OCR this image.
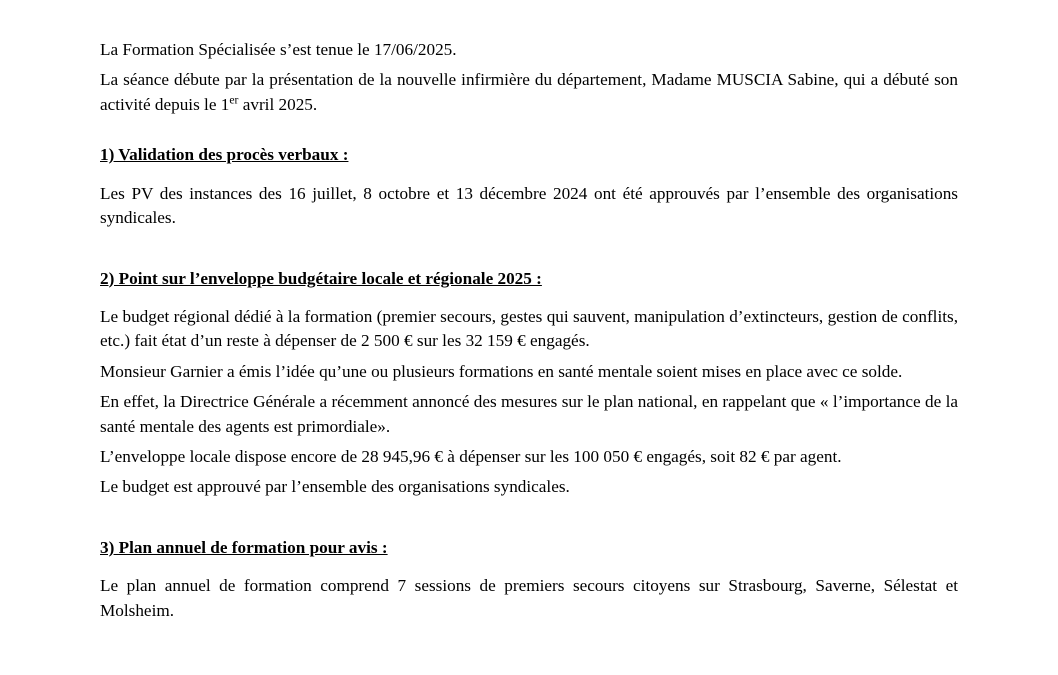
La Formation Spécialisée s’est tenue le 17/06/2025.

La séance débute par la présentation de la nouvelle infirmière du département, Madame MUSCIA Sabine, qui a débuté son activité depuis le 1er avril 2025.

1) Validation des procès verbaux :

Les PV des instances des 16 juillet, 8 octobre et 13 décembre 2024 ont été approuvés par l’ensemble des organisations syndicales.

2) Point sur l’enveloppe budgétaire locale et régionale 2025 :

Le budget régional dédié à la formation (premier secours, gestes qui sauvent, manipulation d’extincteurs, gestion de conflits, etc.) fait état d’un reste à dépenser de 2 500 € sur les 32 159 € engagés.

Monsieur Garnier a émis l’idée qu’une ou plusieurs formations en santé mentale soient mises en place avec ce solde.

En effet, la Directrice Générale a récemment annoncé des mesures sur le plan national, en rappelant que « l’importance de la santé mentale des agents est primordiale».

L’enveloppe locale dispose encore de 28 945,96 € à dépenser sur les 100 050 € engagés, soit 82 € par agent.

Le budget est approuvé par l’ensemble des organisations syndicales.

3) Plan annuel de formation pour avis :

Le plan annuel de formation comprend 7 sessions de premiers secours citoyens sur Strasbourg, Saverne, Sélestat et Molsheim.
